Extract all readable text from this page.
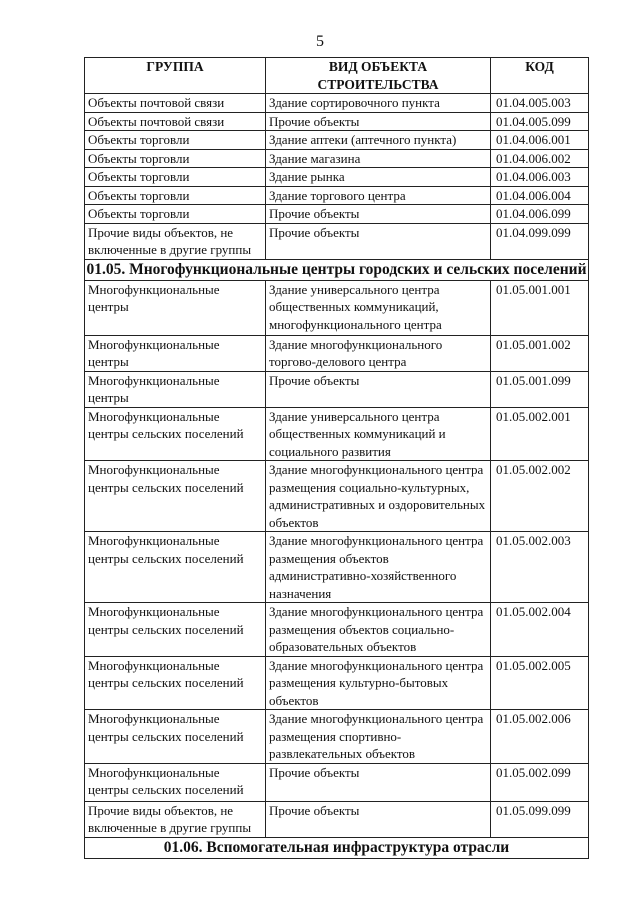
5
ГРУППА	ВИД ОБЪЕКТА СТРОИТЕЛЬСТВА	КОД
Объекты почтовой связи	Здание сортировочного пункта	01.04.005.003
Объекты почтовой связи	Прочие объекты	01.04.005.099
Объекты торговли	Здание аптеки (аптечного пункта)	01.04.006.001
Объекты торговли	Здание магазина	01.04.006.002
Объекты торговли	Здание рынка	01.04.006.003
Объекты торговли	Здание торгового центра	01.04.006.004
Объекты торговли	Прочие объекты	01.04.006.099
Прочие виды объектов, не включенные в другие группы	Прочие объекты	01.04.099.099
01.05. Многофункциональные центры городских и сельских поселений		
Многофункциональные центры	Здание универсального центра общественных коммуникаций, многофункционального центра	01.05.001.001
Многофункциональные центры	Здание многофункционального торгово-делового центра	01.05.001.002
Многофункциональные центры	Прочие объекты	01.05.001.099
Многофункциональные центры сельских поселений	Здание универсального центра общественных коммуникаций и социального развития	01.05.002.001
Многофункциональные центры сельских поселений	Здание многофункционального центра размещения социально-культурных, административных и оздоровительных объектов	01.05.002.002
Многофункциональные центры сельских поселений	Здание многофункционального центра размещения объектов административно-хозяйственного назначения	01.05.002.003
Многофункциональные центры сельских поселений	Здание многофункционального центра размещения объектов социально-образовательных объектов	01.05.002.004
Многофункциональные центры сельских поселений	Здание многофункционального центра размещения культурно-бытовых объектов	01.05.002.005
Многофункциональные центры сельских поселений	Здание многофункционального центра размещения спортивно-развлекательных объектов	01.05.002.006
Многофункциональные центры сельских поселений	Прочие объекты	01.05.002.099
Прочие виды объектов, не включенные в другие группы	Прочие объекты	01.05.099.099
01.06. Вспомогательная инфраструктура отрасли		
